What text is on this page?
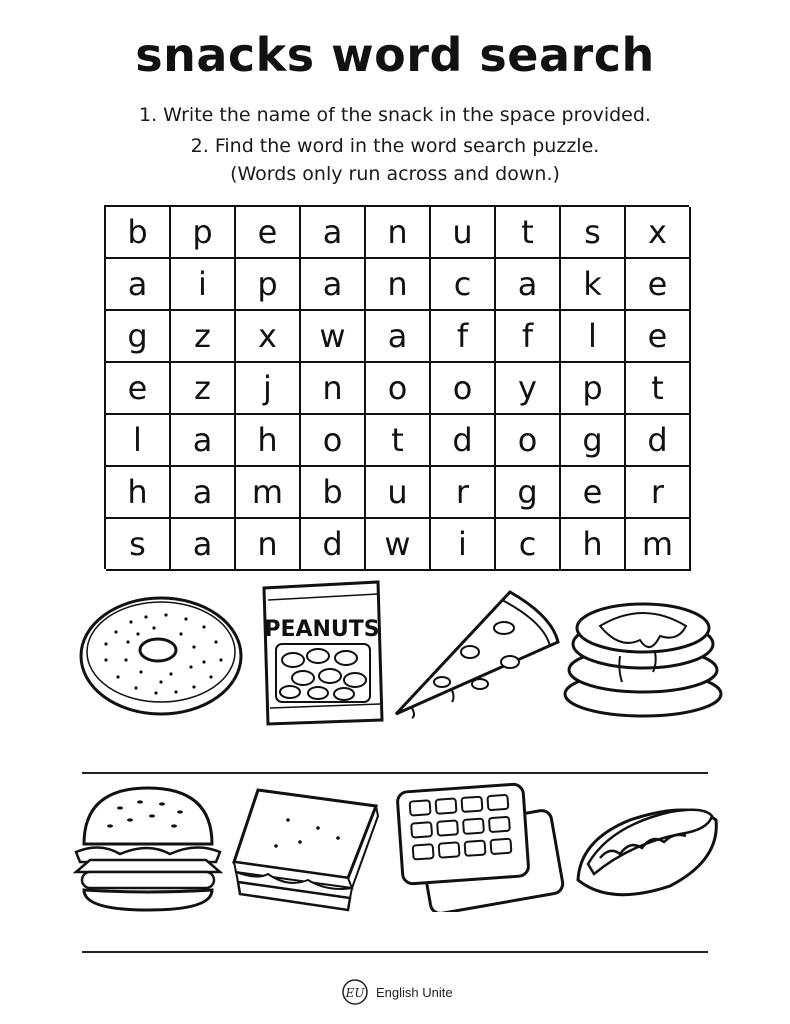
snacks word search
1. Write the name of the snack in the space provided.
2. Find the word in the word search puzzle.
(Words only run across and down.)
b	p	e	a	n	u	t	s	x
a	i	p	a	n	c	a	k	e
g	z	x	w	a	f	f	l	e
e	z	j	n	o	o	y	p	t
l	a	h	o	t	d	o	g	d
h	a	m	b	u	r	g	e	r
s	a	n	d	w	i	c	h	m
PEANUTS
EU English Unite
